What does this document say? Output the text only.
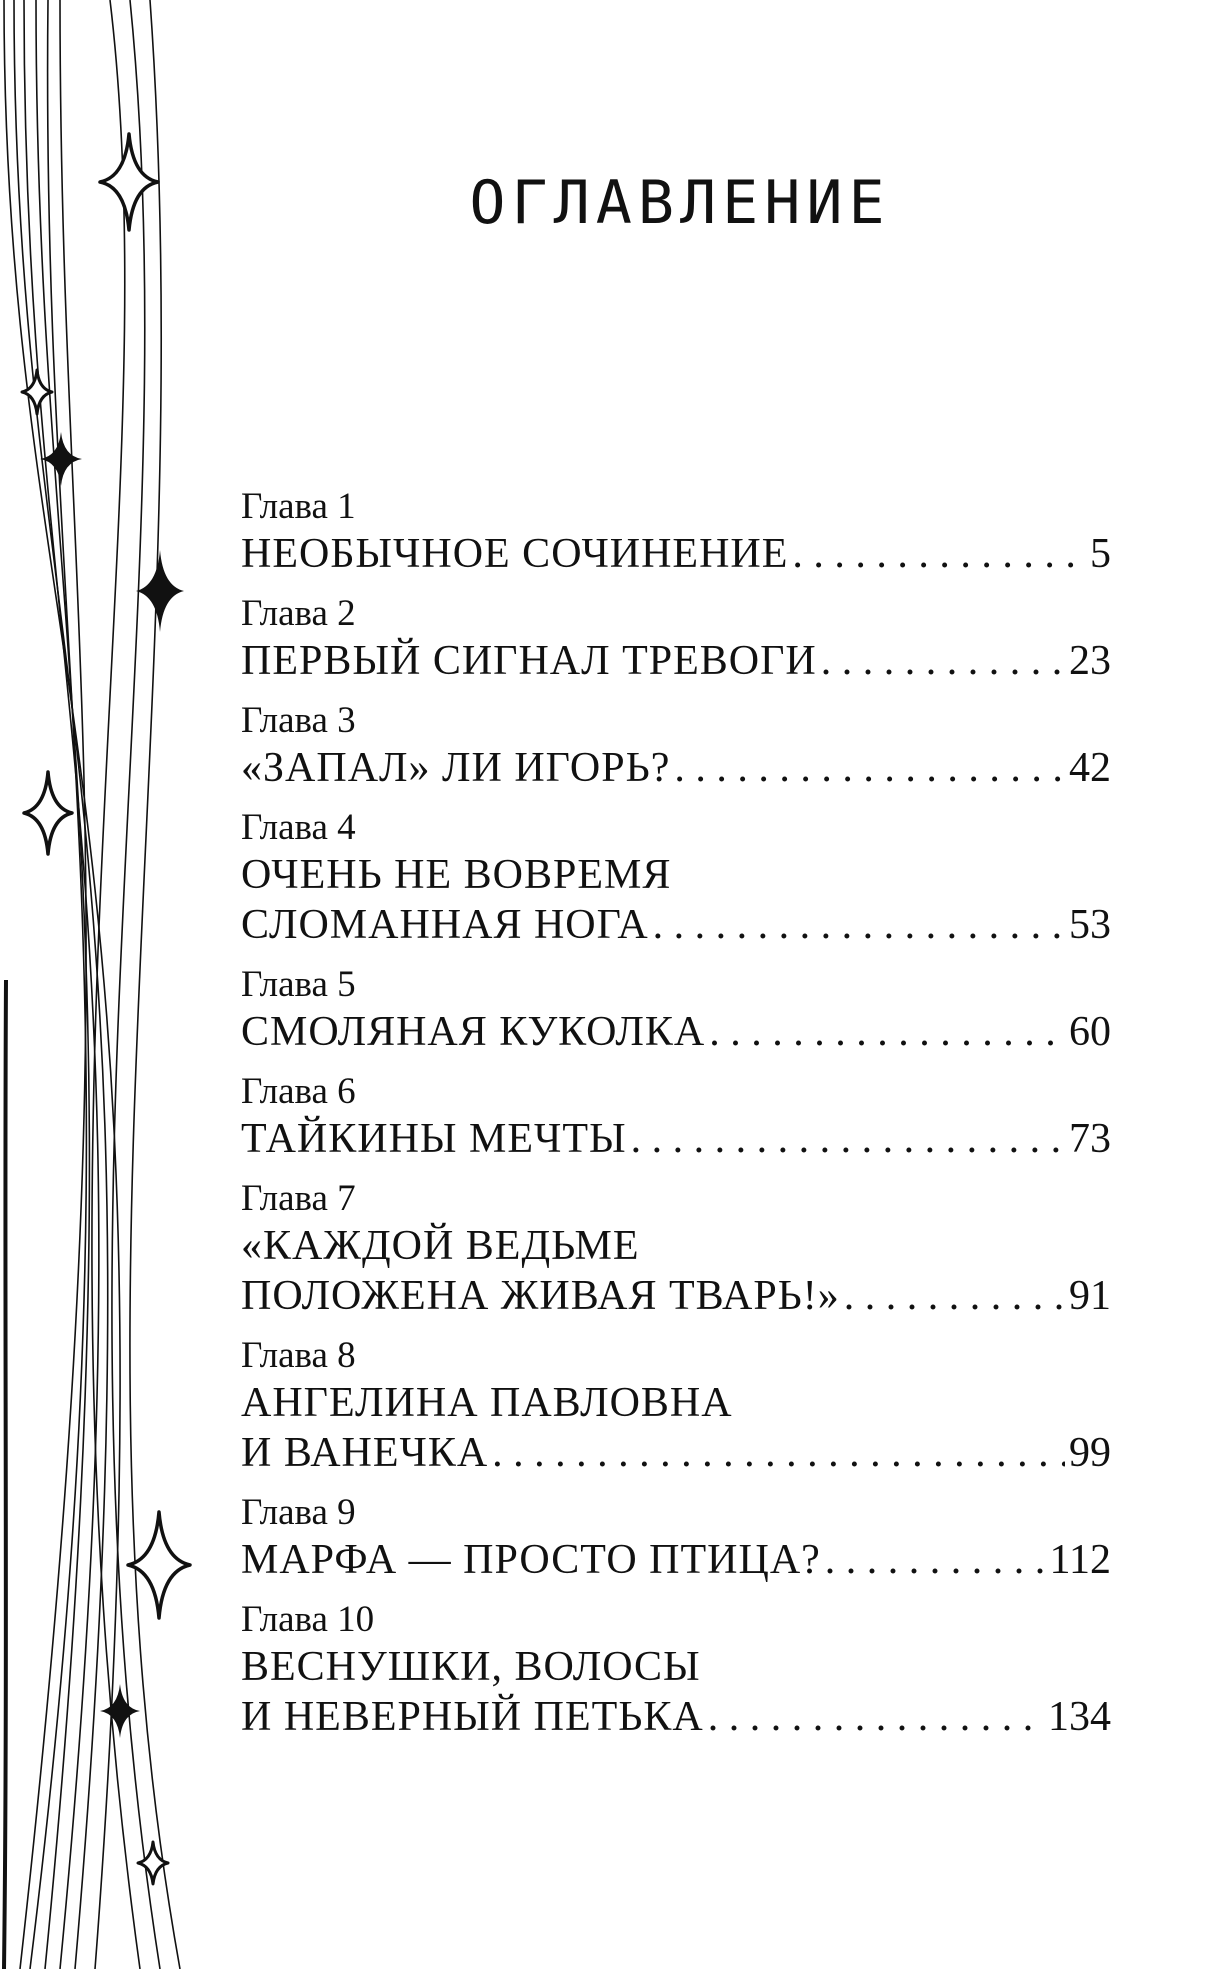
ОГЛАВЛЕНИЕ
Глава 1
НЕОБЫЧНОЕ СОЧИНЕНИЕ . . .	5
Глава 2
ПЕРВЫЙ СИГНАЛ ТРЕВОГИ . . .	23
Глава 3
«ЗАПАЛ» ЛИ ИГОРЬ? . . .	42
Глава 4
ОЧЕНЬ НЕ ВОВРЕМЯ
СЛОМАННАЯ НОГА . . .	53
Глава 5
СМОЛЯНАЯ КУКОЛКА . . .	60
Глава 6
ТАЙКИНЫ МЕЧТЫ . . .	73
Глава 7
«КАЖДОЙ ВЕДЬМЕ
ПОЛОЖЕНА ЖИВАЯ ТВАРЬ!» . . .	91
Глава 8
АНГЕЛИНА ПАВЛОВНА
И ВАНЕЧКА . . .	99
Глава 9
МАРФА — ПРОСТО ПТИЦА? . . .	112
Глава 10
ВЕСНУШКИ, ВОЛОСЫ
И НЕВЕРНЫЙ ПЕТЬКА . . .	134
